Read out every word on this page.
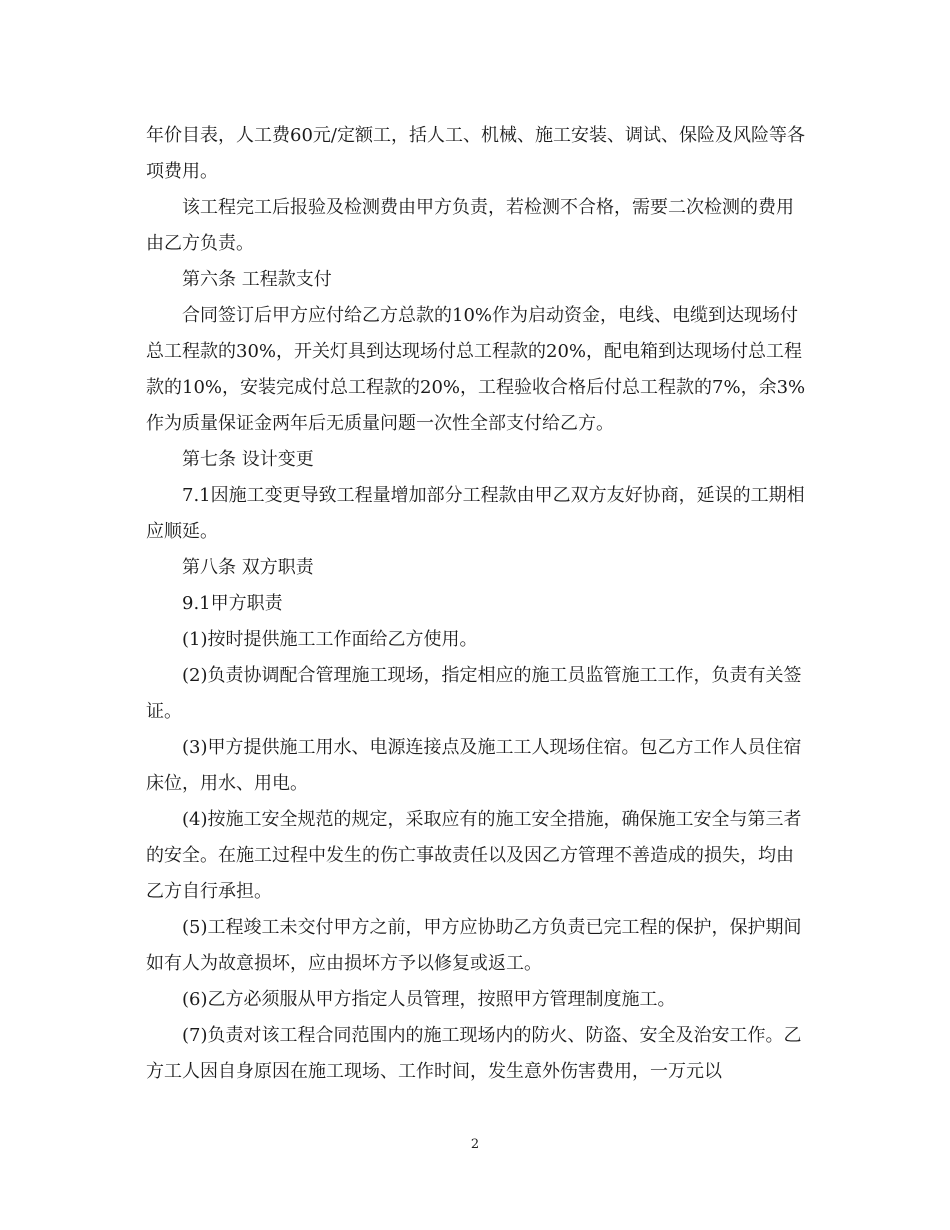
年价目表，人工费60元/定额工，括人工、机械、施工安装、调试、保险及风险等各项费用。

该工程完工后报验及检测费由甲方负责，若检测不合格，需要二次检测的费用由乙方负责。

第六条 工程款支付

合同签订后甲方应付给乙方总款的10%作为启动资金，电线、电缆到达现场付总工程款的30%，开关灯具到达现场付总工程款的20%，配电箱到达现场付总工程款的10%，安装完成付总工程款的20%，工程验收合格后付总工程款的7%，余3%作为质量保证金两年后无质量问题一次性全部支付给乙方。

第七条 设计变更

7.1因施工变更导致工程量增加部分工程款由甲乙双方友好协商，延误的工期相应顺延。

第八条 双方职责

9.1甲方职责

(1)按时提供施工工作面给乙方使用。

(2)负责协调配合管理施工现场，指定相应的施工员监管施工工作，负责有关签证。

(3)甲方提供施工用水、电源连接点及施工工人现场住宿。包乙方工作人员住宿床位，用水、用电。

(4)按施工安全规范的规定，采取应有的施工安全措施，确保施工安全与第三者的安全。在施工过程中发生的伤亡事故责任以及因乙方管理不善造成的损失，均由乙方自行承担。

(5)工程竣工未交付甲方之前，甲方应协助乙方负责已完工程的保护，保护期间如有人为故意损坏，应由损坏方予以修复或返工。

(6)乙方必须服从甲方指定人员管理，按照甲方管理制度施工。

(7)负责对该工程合同范围内的施工现场内的防火、防盗、安全及治安工作。乙方工人因自身原因在施工现场、工作时间，发生意外伤害费用，一万元以

2
